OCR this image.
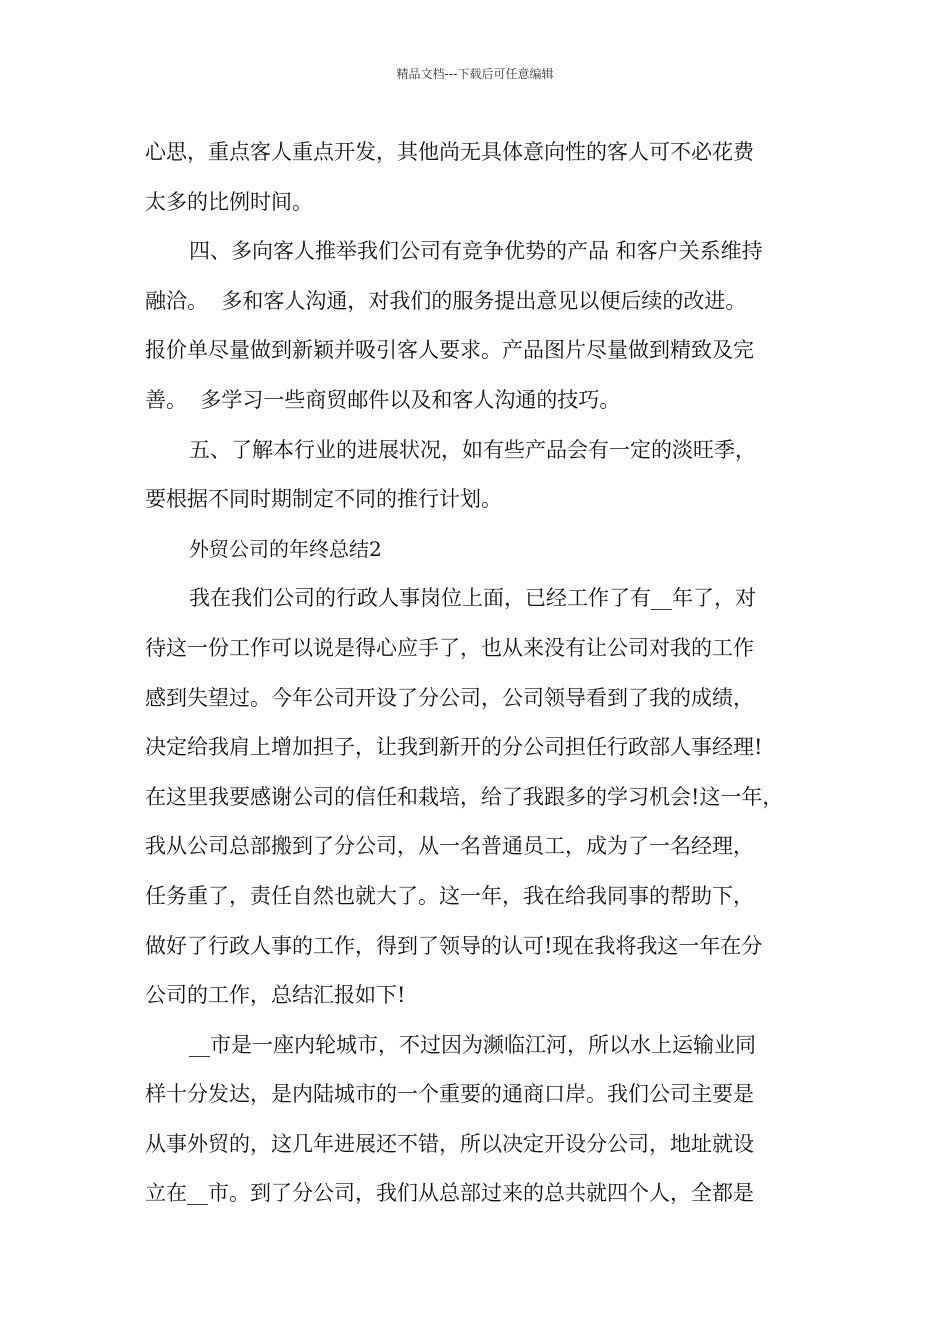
精品文档---下载后可任意编辑
心思，重点客人重点开发，其他尚无具体意向性的客人可不必花费
太多的比例时间。
四、多向客人推举我们公司有竞争优势的产品 和客户关系维持
融洽。  多和客人沟通，对我们的服务提出意见以便后续的改进。
报价单尽量做到新颖并吸引客人要求。产品图片尽量做到精致及完
善。  多学习一些商贸邮件以及和客人沟通的技巧。
五、了解本行业的进展状况，如有些产品会有一定的淡旺季，
要根据不同时期制定不同的推行计划。
外贸公司的年终总结2
我在我们公司的行政人事岗位上面，已经工作了有__年了，对
待这一份工作可以说是得心应手了，也从来没有让公司对我的工作
感到失望过。今年公司开设了分公司，公司领导看到了我的成绩，
决定给我肩上增加担子，让我到新开的分公司担任行政部人事经理!
在这里我要感谢公司的信任和栽培，给了我跟多的学习机会!这一年，
我从公司总部搬到了分公司，从一名普通员工，成为了一名经理，
任务重了，责任自然也就大了。这一年，我在给我同事的帮助下，
做好了行政人事的工作，得到了领导的认可!现在我将我这一年在分
公司的工作，总结汇报如下!
__市是一座内轮城市，不过因为濒临江河，所以水上运输业同
样十分发达，是内陆城市的一个重要的通商口岸。我们公司主要是
从事外贸的，这几年进展还不错，所以决定开设分公司，地址就设
立在__市。到了分公司，我们从总部过来的总共就四个人，全都是
